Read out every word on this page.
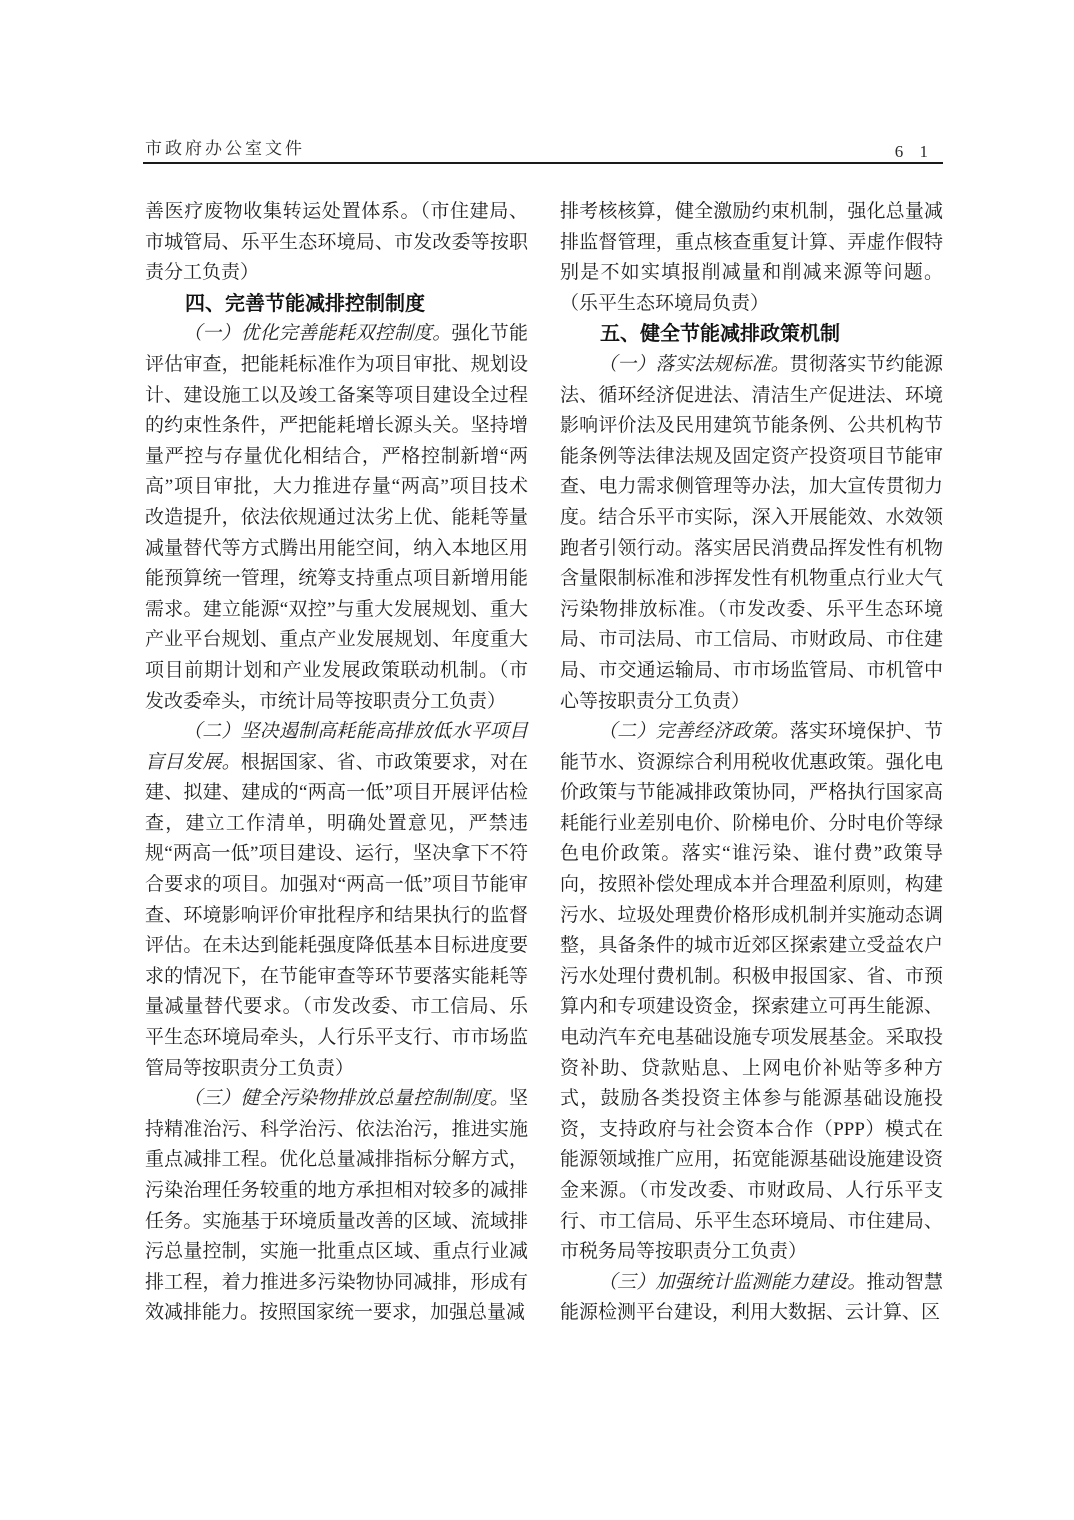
市政府办公室文件	6 1

善医疗废物收集转运处置体系。（市住建局、市城管局、乐平生态环境局、市发改委等按职责分工负责）

四、完善节能减排控制制度

（一）优化完善能耗双控制度。强化节能评估审查，把能耗标准作为项目审批、规划设计、建设施工以及竣工备案等项目建设全过程的约束性条件，严把能耗增长源头关。坚持增量严控与存量优化相结合，严格控制新增“两高”项目审批，大力推进存量“两高”项目技术改造提升，依法依规通过汰劣上优、能耗等量减量替代等方式腾出用能空间，纳入本地区用能预算统一管理，统筹支持重点项目新增用能需求。建立能源“双控”与重大发展规划、重大产业平台规划、重点产业发展规划、年度重大项目前期计划和产业发展政策联动机制。（市发改委牵头，市统计局等按职责分工负责）

（二）坚决遏制高耗能高排放低水平项目盲目发展。根据国家、省、市政策要求，对在建、拟建、建成的“两高一低”项目开展评估检查，建立工作清单，明确处置意见，严禁违规“两高一低”项目建设、运行，坚决拿下不符合要求的项目。加强对“两高一低”项目节能审查、环境影响评价审批程序和结果执行的监督评估。在未达到能耗强度降低基本目标进度要求的情况下，在节能审查等环节要落实能耗等量减量替代要求。（市发改委、市工信局、乐平生态环境局牵头，人行乐平支行、市市场监管局等按职责分工负责）

（三）健全污染物排放总量控制制度。坚持精准治污、科学治污、依法治污，推进实施重点减排工程。优化总量减排指标分解方式，污染治理任务较重的地方承担相对较多的减排任务。实施基于环境质量改善的区域、流域排污总量控制，实施一批重点区域、重点行业减排工程，着力推进多污染物协同减排，形成有效减排能力。按照国家统一要求，加强总量减

排考核核算，健全激励约束机制，强化总量减排监督管理，重点核查重复计算、弄虚作假特别是不如实填报削减量和削减来源等问题。（乐平生态环境局负责）

五、健全节能减排政策机制

（一）落实法规标准。贯彻落实节约能源法、循环经济促进法、清洁生产促进法、环境影响评价法及民用建筑节能条例、公共机构节能条例等法律法规及固定资产投资项目节能审查、电力需求侧管理等办法，加大宣传贯彻力度。结合乐平市实际，深入开展能效、水效领跑者引领行动。落实居民消费品挥发性有机物含量限制标准和涉挥发性有机物重点行业大气污染物排放标准。（市发改委、乐平生态环境局、市司法局、市工信局、市财政局、市住建局、市交通运输局、市市场监管局、市机管中心等按职责分工负责）

（二）完善经济政策。落实环境保护、节能节水、资源综合利用税收优惠政策。强化电价政策与节能减排政策协同，严格执行国家高耗能行业差别电价、阶梯电价、分时电价等绿色电价政策。落实“谁污染、谁付费”政策导向，按照补偿处理成本并合理盈利原则，构建污水、垃圾处理费价格形成机制并实施动态调整，具备条件的城市近郊区探索建立受益农户污水处理付费机制。积极申报国家、省、市预算内和专项建设资金，探索建立可再生能源、电动汽车充电基础设施专项发展基金。采取投资补助、贷款贴息、上网电价补贴等多种方式，鼓励各类投资主体参与能源基础设施投资，支持政府与社会资本合作（PPP）模式在能源领域推广应用，拓宽能源基础设施建设资金来源。（市发改委、市财政局、人行乐平支行、市工信局、乐平生态环境局、市住建局、市税务局等按职责分工负责）

（三）加强统计监测能力建设。推动智慧能源检测平台建设，利用大数据、云计算、区
